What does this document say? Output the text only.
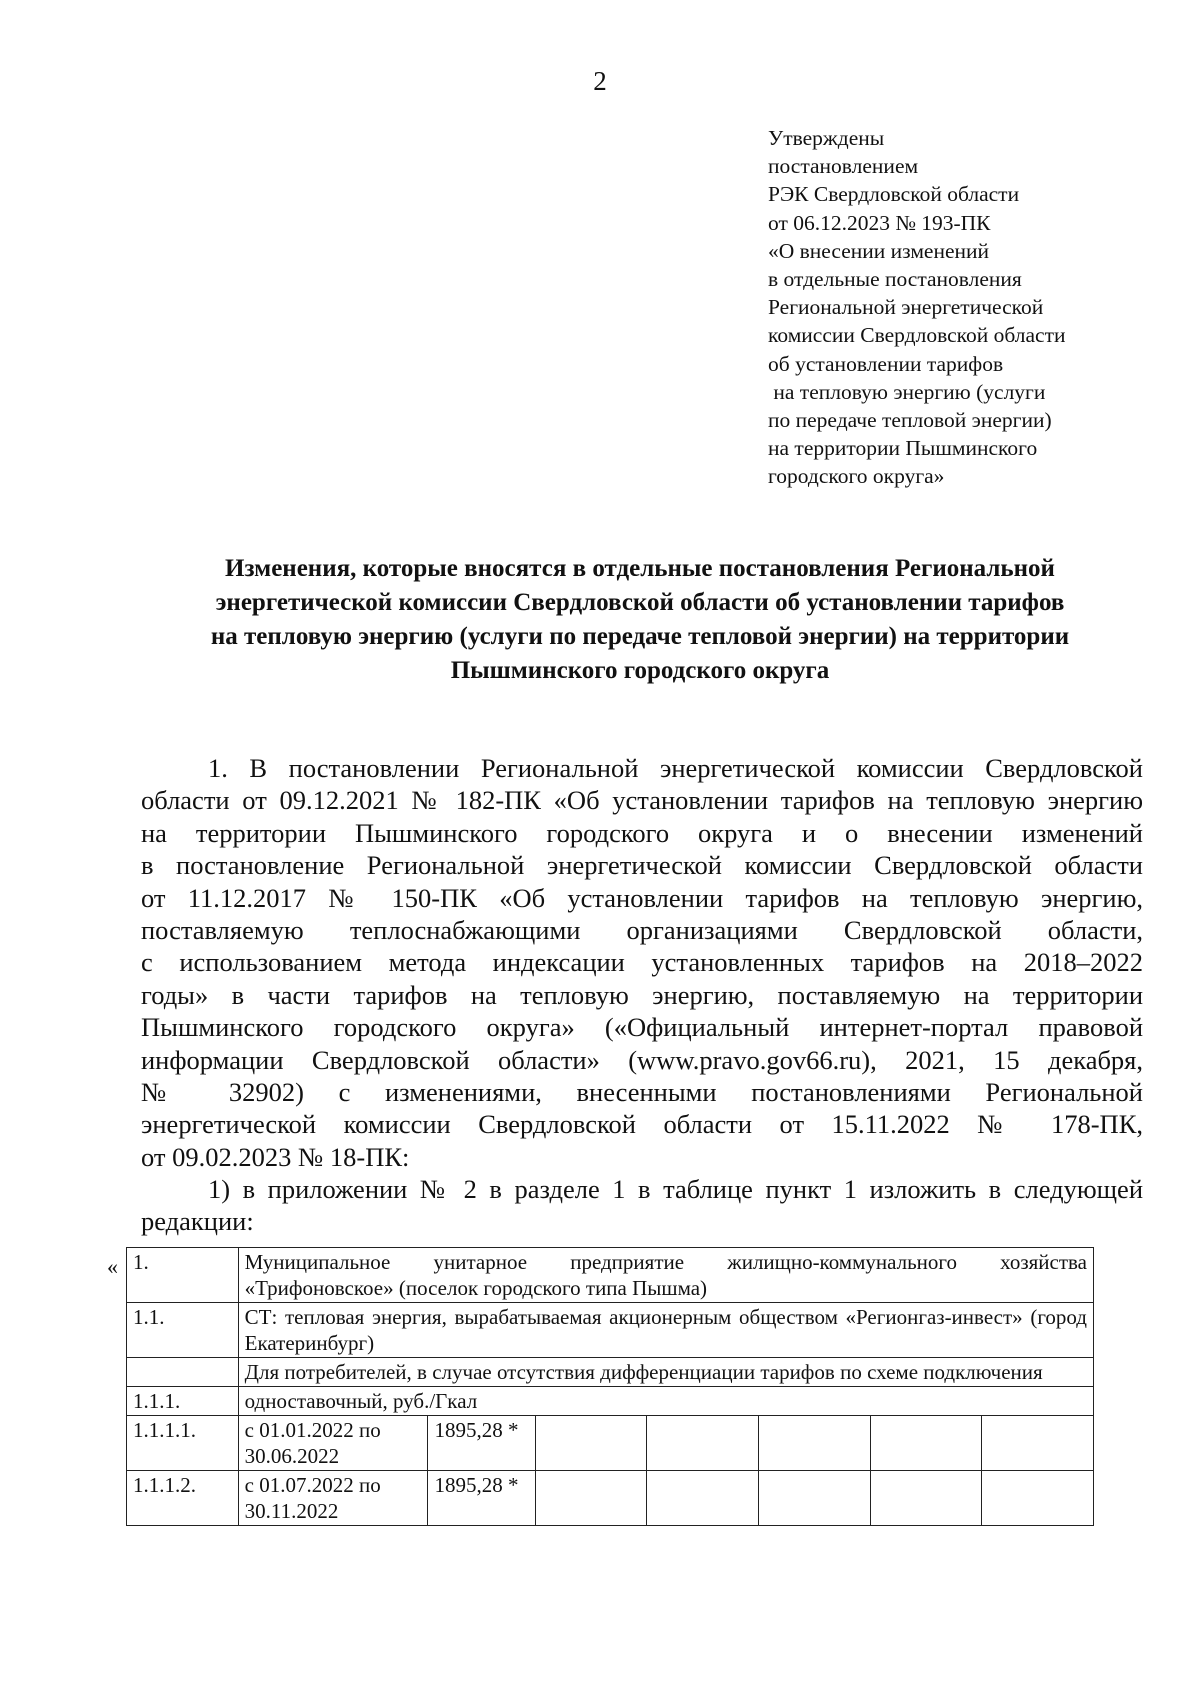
2
Утверждены
постановлением
РЭК Свердловской области
от 06.12.2023 № 193-ПК
«О внесении изменений
в отдельные постановления
Региональной энергетической
комиссии Свердловской области
об установлении тарифов
на тепловую энергию (услуги
по передаче тепловой энергии)
на территории Пышминского
городского округа»
Изменения, которые вносятся в отдельные постановления Региональной
энергетической комиссии Свердловской области об установлении тарифов
на тепловую энергию (услуги по передаче тепловой энергии) на территории
Пышминского городского округа
1. В постановлении Региональной энергетической комиссии Свердловской
области от 09.12.2021 № 182-ПК «Об установлении тарифов на тепловую энергию
на территории Пышминского городского округа и о внесении изменений
в постановление Региональной энергетической комиссии Свердловской области
от 11.12.2017 № 150-ПК «Об установлении тарифов на тепловую энергию,
поставляемую теплоснабжающими организациями Свердловской области,
с использованием метода индексации установленных тарифов на 2018–2022
годы» в части тарифов на тепловую энергию, поставляемую на территории
Пышминского городского округа» («Официальный интернет-портал правовой
информации Свердловской области» (www.pravo.gov66.ru), 2021, 15 декабря,
№ 32902) с изменениями, внесенными постановлениями Региональной
энергетической комиссии Свердловской области от 15.11.2022 № 178-ПК,
от 09.02.2023 № 18-ПК:
1) в приложении № 2 в разделе 1 в таблице пункт 1 изложить в следующей
редакции:
« 1.	Муниципальное унитарное предприятие жилищно-коммунального хозяйства «Трифоновское» (поселок городского типа Пышма)						
1.1.	СТ: тепловая энергия, вырабатываемая акционерным обществом «Регионгаз-инвест» (город Екатеринбург)						
	Для потребителей, в случае отсутствия дифференциации тарифов по схеме подключения						
1.1.1.	одноставочный, руб./Гкал						
1.1.1.1.	с 01.01.2022 по 30.06.2022	1895,28 *					
1.1.1.2.	с 01.07.2022 по 30.11.2022	1895,28 *					
